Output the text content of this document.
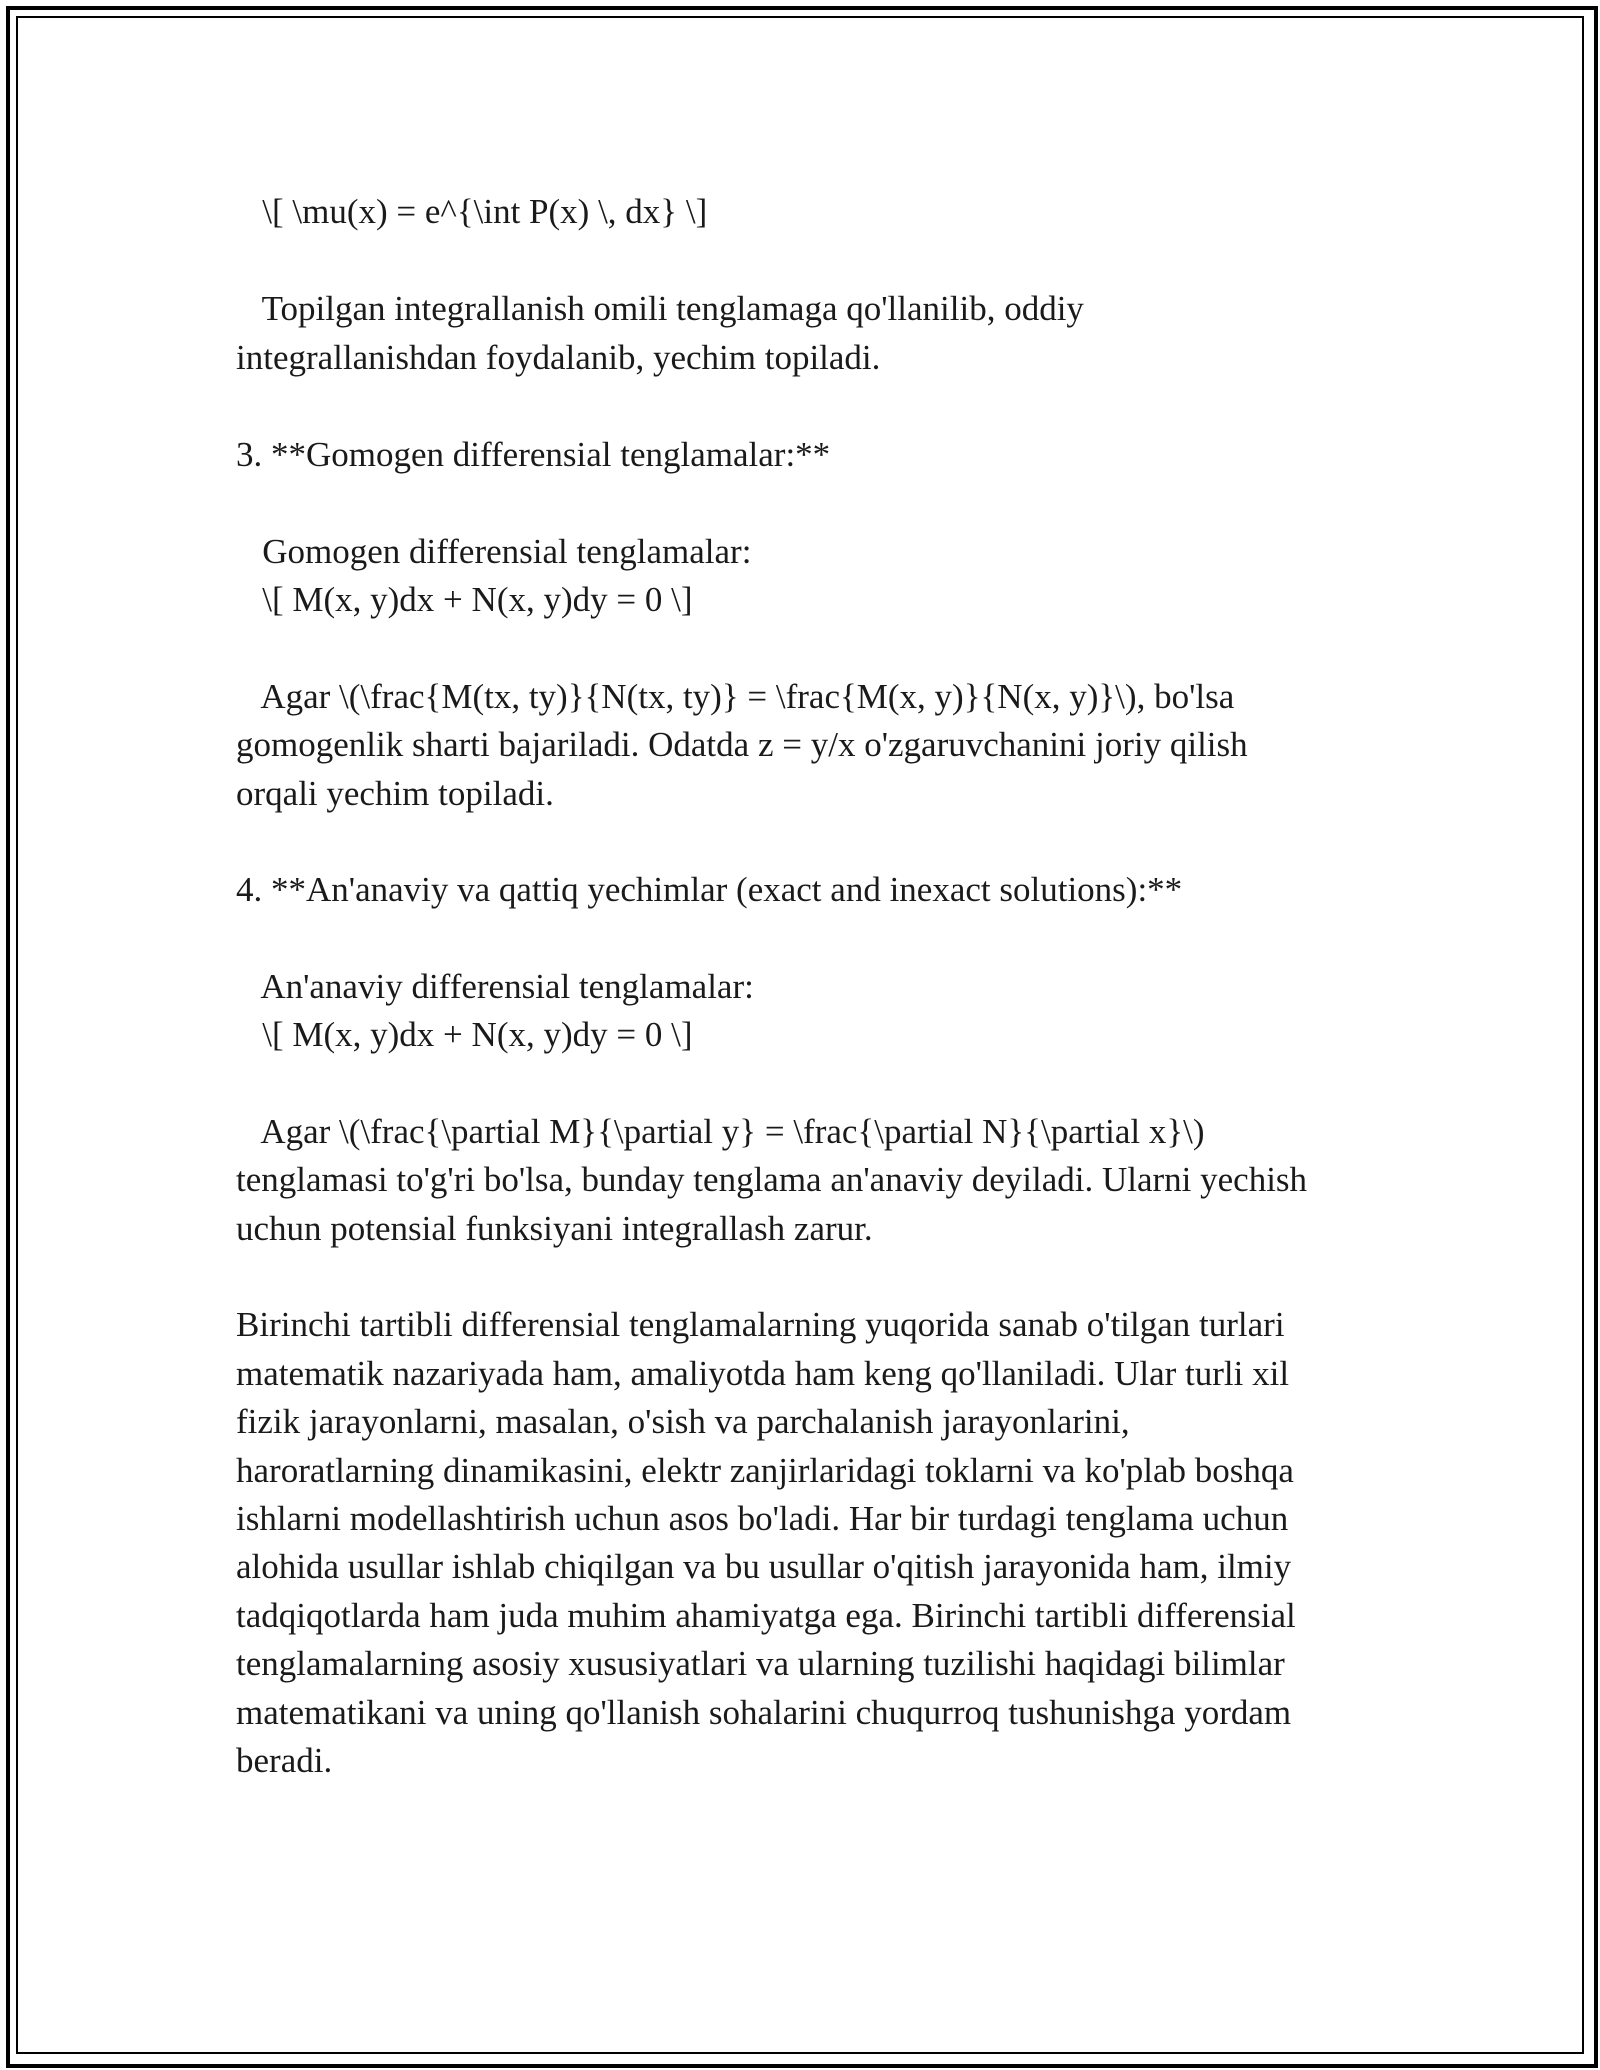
\[ \mu(x) = e^{\int P(x) \, dx} \]
Topilgan integrallanish omili tenglamaga qo'llanilib, oddiy
integrallanishdan foydalanib, yechim topiladi.
3. **Gomogen differensial tenglamalar:**
Gomogen differensial tenglamalar:
\[ M(x, y)dx + N(x, y)dy = 0 \]
Agar \(\frac{M(tx, ty)}{N(tx, ty)} = \frac{M(x, y)}{N(x, y)}\), bo'lsa
gomogenlik sharti bajariladi. Odatda z = y/x o'zgaruvchanini joriy qilish
orqali yechim topiladi.
4. **An'anaviy va qattiq yechimlar (exact and inexact solutions):**
An'anaviy differensial tenglamalar:
\[ M(x, y)dx + N(x, y)dy = 0 \]
Agar \(\frac{\partial M}{\partial y} = \frac{\partial N}{\partial x}\)
tenglamasi to'g'ri bo'lsa, bunday tenglama an'anaviy deyiladi. Ularni yechish
uchun potensial funksiyani integrallash zarur.
Birinchi tartibli differensial tenglamalarning yuqorida sanab o'tilgan turlari
matematik nazariyada ham, amaliyotda ham keng qo'llaniladi. Ular turli xil
fizik jarayonlarni, masalan, o'sish va parchalanish jarayonlarini,
haroratlarning dinamikasini, elektr zanjirlaridagi toklarni va ko'plab boshqa
ishlarni modellashtirish uchun asos bo'ladi. Har bir turdagi tenglama uchun
alohida usullar ishlab chiqilgan va bu usullar o'qitish jarayonida ham, ilmiy
tadqiqotlarda ham juda muhim ahamiyatga ega. Birinchi tartibli differensial
tenglamalarning asosiy xususiyatlari va ularning tuzilishi haqidagi bilimlar
matematikani va uning qo'llanish sohalarini chuqurroq tushunishga yordam
beradi.
